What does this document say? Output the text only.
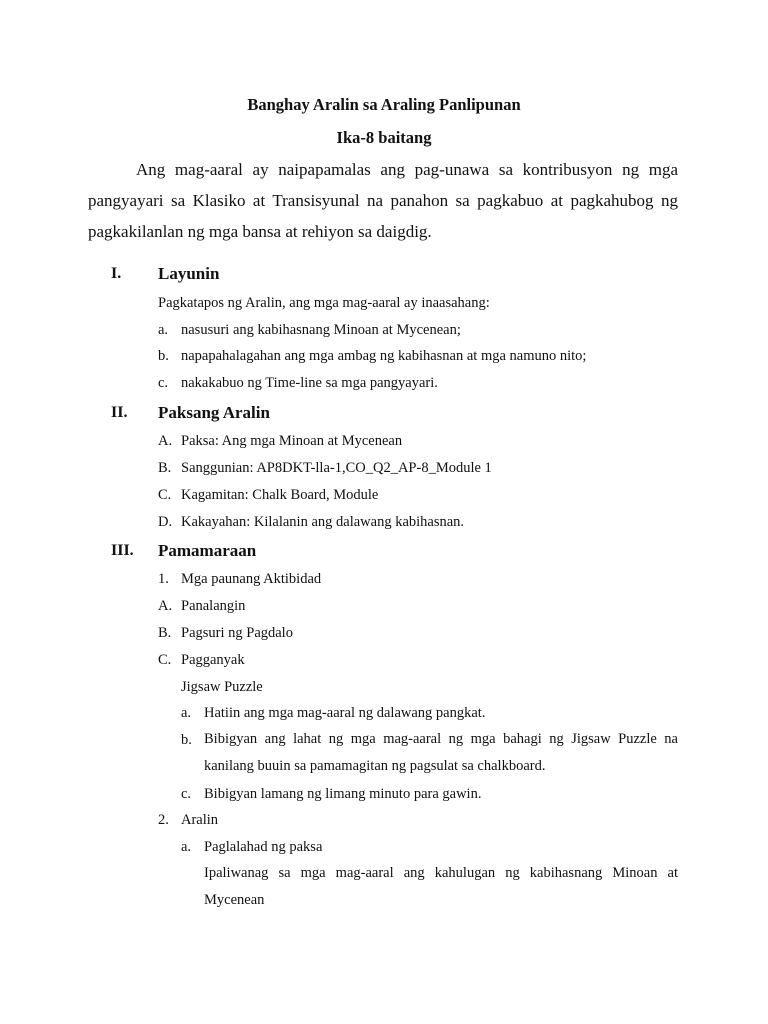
Banghay Aralin sa Araling Panlipunan
Ika-8 baitang

Ang mag-aaral ay naipapamalas ang pag-unawa sa kontribusyon ng mga pangyayari sa Klasiko at Transisyunal na panahon sa pagkabuo at pagkahubog ng pagkakilanlan ng mga bansa at rehiyon sa daigdig.

I. Layunin
Pagkatapos ng Aralin, ang mga mag-aaral ay inaasahang:
a. nasusuri ang kabihasnang Minoan at Mycenean;
b. napapahalagahan ang mga ambag ng kabihasnan at mga namuno nito;
c. nakakabuo ng Time-line sa mga pangyayari.
II. Paksang Aralin
A. Paksa: Ang mga Minoan at Mycenean
B. Sanggunian: AP8DKT-lla-1,CO_Q2_AP-8_Module 1
C. Kagamitan: Chalk Board, Module
D. Kakayahan: Kilalanin ang dalawang kabihasnan.
III. Pamamaraan
1. Mga paunang Aktibidad
A. Panalangin
B. Pagsuri ng Pagdalo
C. Pagganyak
Jigsaw Puzzle
a. Hatiin ang mga mag-aaral ng dalawang pangkat.
b. Bibigyan ang lahat ng mga mag-aaral ng mga bahagi ng Jigsaw Puzzle na kanilang buuin sa pamamagitan ng pagsulat sa chalkboard.

c. Bibigyan lamang ng limang minuto para gawin.
2. Aralin
a. Paglalahad ng paksa

Ipaliwanag sa mga mag-aaral ang kahulugan ng kabihasnang Minoan at Mycenean
